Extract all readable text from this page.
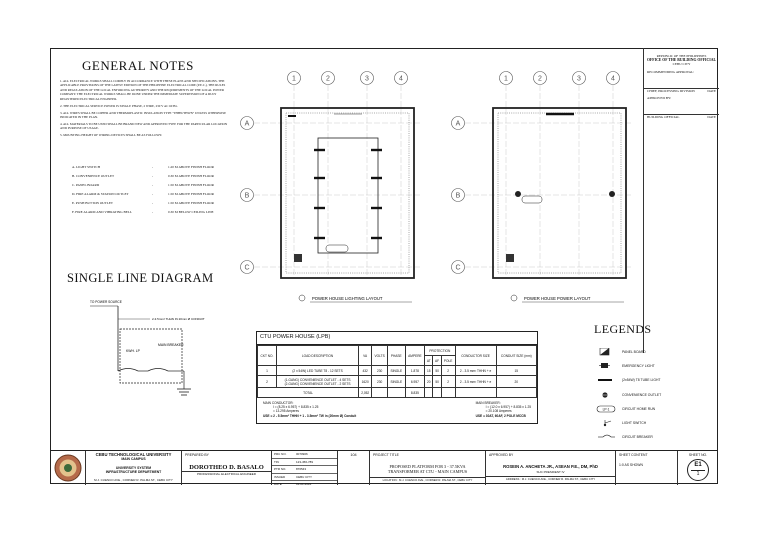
GENERAL NOTES

1. ALL ELECTRICAL WORKS SHALL COMPLY IN ACCORDANCE WITH THESE PLANS AND SPECIFICATIONS. THE APPLICABLE PROVISIONS OF THE LATEST EDITION OF THE PHILIPPINE ELECTRICAL CODE (P.E.C.), THE RULES AND REGULATION OF THE LOCAL ENFORCING AUTHORITY AND THE REQUIREMENTS OF THE LOCAL POWER COMPANY. THE ELECTRICAL WORKS SHALL BE DONE UNDER THE IMMEDIATE SUPERVISION OF A DULY REGISTERED ELECTRICAL ENGINEER.

2. THE ELECTRICAL SERVICE POWER IS SINGLE PHASE, 2 WIRE, 230 V AC 60 Hz.

3. ALL WIRES SHALL BE COPPER AND THERMOPLASTIC INSULATION TYPE "THHN/THWN" UNLESS OTHERWISE INDICATED IN THE PLAN.

4. ALL MATERIALS TO BE USED SHALL BE BRAND NEW AND APPROVED TYPE FOR THE PARTICULAR LOCATION AND PURPOSE OF USAGE.

5. MOUNTING HEIGHT OF WIRING DEVICES SHALL BE AS FOLLOWS:

A. LIGHT SWITCH	-	1.20 M ABOVE FINISH FLOOR
B. CONVENIENCE OUTLET	-	0.30 M ABOVE FINISH FLOOR
C. PANEL BOARD	-	1.50 M ABOVE FINISH FLOOR
D. FIRE ALARM & STATION OUTLET	-	1.50 M ABOVE FINISH FLOOR
E. PUSH BUTTON OUTLET	-	1.50 M ABOVE FINISH FLOOR
F. FIRE ALARM AND VIBRATING BELL	-	0.30 M BELOW CEILING LINE
SINGLE LINE DIAGRAM
TO POWER SOURCE
2-3.5mm² THHN IN 20mm Ø CONDUIT
KWH. LP
MAIN BREAKER
1	2	3	4
A
B
C
POWER HOUSE LIGHTING LAYOUT
1	2	3	4
A
B
C
POWER HOUSE POWER LAYOUT
REPUBLIC OF THE PHILIPPINES
OFFICE OF THE BUILDING OFFICIAL
CEBU CITY
RECOMMENDING APPROVAL:
CHIEF, PROCESSING DIVISION	DATE
APPROVED BY:
BUILDING OFFICIAL	DATE
CTU POWER HOUSE (LPB)
CKT NO.	LOAD DESCRIPTION	VA	VOLTS	PHASE	AMPERE	PROTECTION			CONDUCTOR SIZE	CONDUIT SIZE (mm)
						AT	AF	POLE		
1	(2 x 54W) LED TUBE T8 - 12 SETS	432	230	SINGLE	1.878	15	50	2	2 - 3.5 mm² THHN + e	15
2	(1-GANG) CONVENIENCE OUTLET - 4 SETS
(2-GANG) CONVENIENCE OUTLET - 2 SETS	1620	230	SINGLE	6.957	20	50	2	2 - 3.5 mm² THHN + e	20
TOTAL		2,052			8.835					
MAIN CONDUCTOR:
I = (8.25 x 6.957) + 8.835 x 1.25
= 13.295 Amperes
USE = 2 - 5.5mm² THHN + 1 - 3.5mm² TW in (20mm Ø) Conduit
MAIN BREAKER:
I = (12.0 x 6.957) + 8.835 x 1.25
= 20.108 Amperes
USE = 30AT, 60AF, 2 POLE MCCB
LEGENDS
PANEL BOARD
EMERGENCY LIGHT
(2x54W) T8 TUBE LIGHT
CONVENIENCE OUTLET
LP-1	CIRCUIT HOME RUN
LIGHT SWITCH
CIRCUIT BREAKER
CEBU TECHNOLOGICAL UNIVERSITY
MAIN CAMPUS
UNIVERSITY SYSTEM
INFRASTRUCTURE DEPARTMENT
M.J. CUENCO AVE., CORNER R. PALMA ST., CEBU CITY
PREPARED BY
DOROTHEO D. BASALO
PROFESSIONAL ELECTRICAL ENGINEER
PRC NO.	0070906
TIN	123-456-789
PTR NO.	876543
ISSUED	CEBU CITY
DATE	01-01-2024
104	PROJECT TITLE
PROPOSED PLATFORM FOR 3 - 37.5KVA TRANSFORMER AT CTU - MAIN CAMPUS
LOCATION : M.J. CUENCO AVE., CORNER R. PALMA ST., CEBU CITY
APPROVED BY
ROSEIN A. ANCHETA JR., ASEAN P.E., DM, PhD
SUC PRESIDENT IV
ADDRESS : M.J. CUENCO AVE., CORNER R. PALMA ST., CEBU CITY
SHEET CONTENT
1:0 AS SHOWN
SHEET NO.
E1
1
